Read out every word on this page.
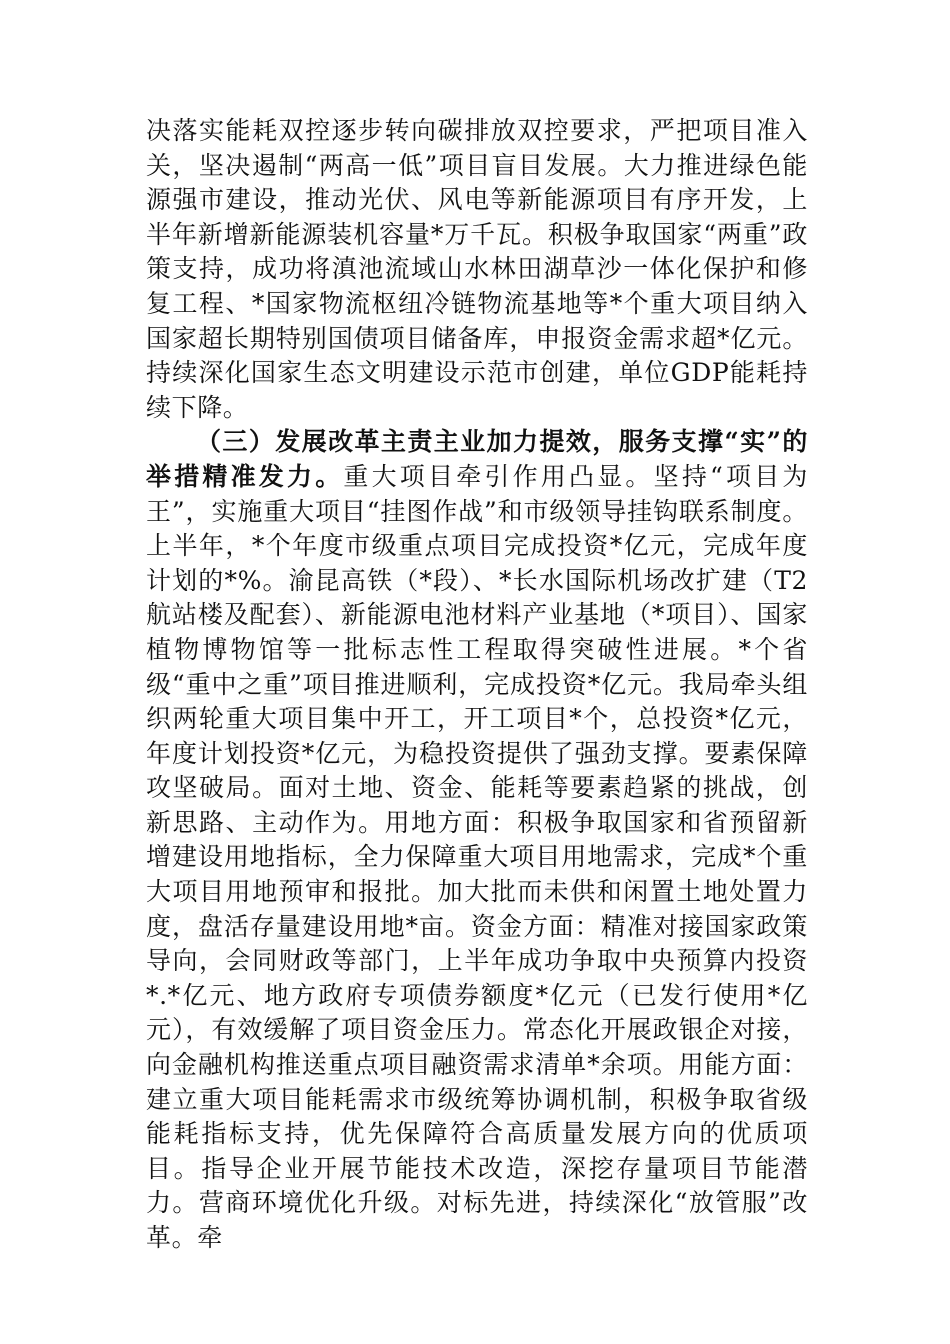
决落实能耗双控逐步转向碳排放双控要求，严把项目准入关，坚决遏制“两高一低”项目盲目发展。大力推进绿色能源强市建设，推动光伏、风电等新能源项目有序开发，上半年新增新能源装机容量*万千瓦。积极争取国家“两重”政策支持，成功将滇池流域山水林田湖草沙一体化保护和修复工程、*国家物流枢纽冷链物流基地等*个重大项目纳入国家超长期特别国债项目储备库，申报资金需求超*亿元。持续深化国家生态文明建设示范市创建，单位GDP能耗持续下降。

（三）发展改革主责主业加力提效，服务支撑“实”的举措精准发力。重大项目牵引作用凸显。坚持“项目为王”，实施重大项目“挂图作战”和市级领导挂钩联系制度。上半年，*个年度市级重点项目完成投资*亿元，完成年度计划的*%。渝昆高铁（*段）、*长水国际机场改扩建（T2航站楼及配套）、新能源电池材料产业基地（*项目）、国家植物博物馆等一批标志性工程取得突破性进展。*个省级“重中之重”项目推进顺利，完成投资*亿元。我局牵头组织两轮重大项目集中开工，开工项目*个，总投资*亿元，年度计划投资*亿元，为稳投资提供了强劲支撑。要素保障攻坚破局。面对土地、资金、能耗等要素趋紧的挑战，创新思路、主动作为。用地方面：积极争取国家和省预留新增建设用地指标，全力保障重大项目用地需求，完成*个重大项目用地预审和报批。加大批而未供和闲置土地处置力度，盘活存量建设用地*亩。资金方面：精准对接国家政策导向，会同财政等部门，上半年成功争取中央预算内投资*.*亿元、地方政府专项债券额度*亿元（已发行使用*亿元），有效缓解了项目资金压力。常态化开展政银企对接，向金融机构推送重点项目融资需求清单*余项。用能方面：建立重大项目能耗需求市级统筹协调机制，积极争取省级能耗指标支持，优先保障符合高质量发展方向的优质项目。指导企业开展节能技术改造，深挖存量项目节能潜力。营商环境优化升级。对标先进，持续深化“放管服”改革。牵
